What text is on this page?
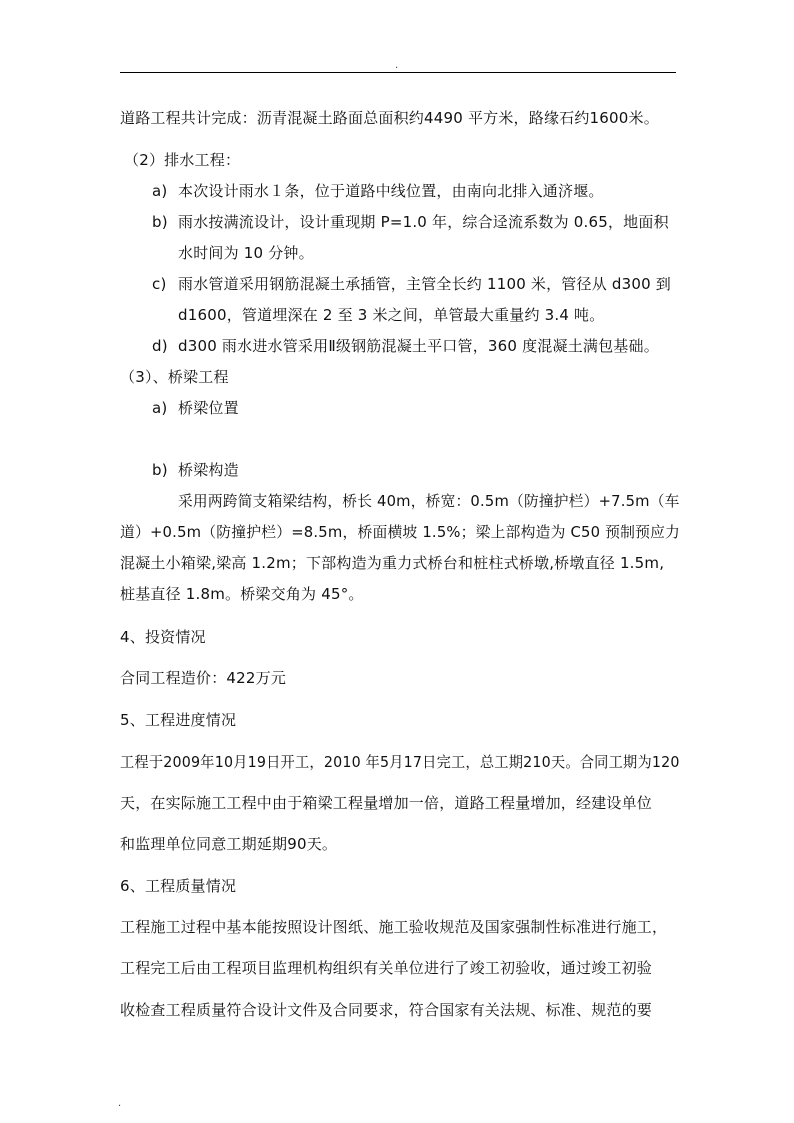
.
道路工程共计完成：沥青混凝土路面总面积约4490 平方米，路缘石约1600米。
（2）排水工程：
a) 本次设计雨水１条，位于道路中线位置，由南向北排入通济堰。
b) 雨水按满流设计，设计重现期 P=1.0 年，综合迳流系数为 0.65，地面积
水时间为 10 分钟。
c) 雨水管道采用钢筋混凝土承插管，主管全长约 1100 米，管径从 d300 到
d1600，管道埋深在 2 至 3 米之间，单管最大重量约 3.4 吨。
d) d300 雨水进水管采用Ⅱ级钢筋混凝土平口管，360 度混凝土满包基础。
（3）、桥梁工程
a) 桥梁位置
b) 桥梁构造
采用两跨简支箱梁结构，桥长 40m，桥宽：0.5m（防撞护栏）+7.5m（车
道）+0.5m（防撞护栏）=8.5m，桥面横坡 1.5%；梁上部构造为 C50 预制预应力
混凝土小箱梁,梁高 1.2m；下部构造为重力式桥台和桩柱式桥墩,桥墩直径 1.5m,
桩基直径 1.8m。桥梁交角为 45°。
4、投资情况
合同工程造价：422万元
5、工程进度情况
工程于2009年10月19日开工，2010 年5月17日完工，总工期210天。合同工期为120
天，在实际施工工程中由于箱梁工程量增加一倍，道路工程量增加，经建设单位
和监理单位同意工期延期90天。
6、工程质量情况
工程施工过程中基本能按照设计图纸、施工验收规范及国家强制性标准进行施工，
工程完工后由工程项目监理机构组织有关单位进行了竣工初验收，通过竣工初验
收检查工程质量符合设计文件及合同要求，符合国家有关法规、标准、规范的要
.
